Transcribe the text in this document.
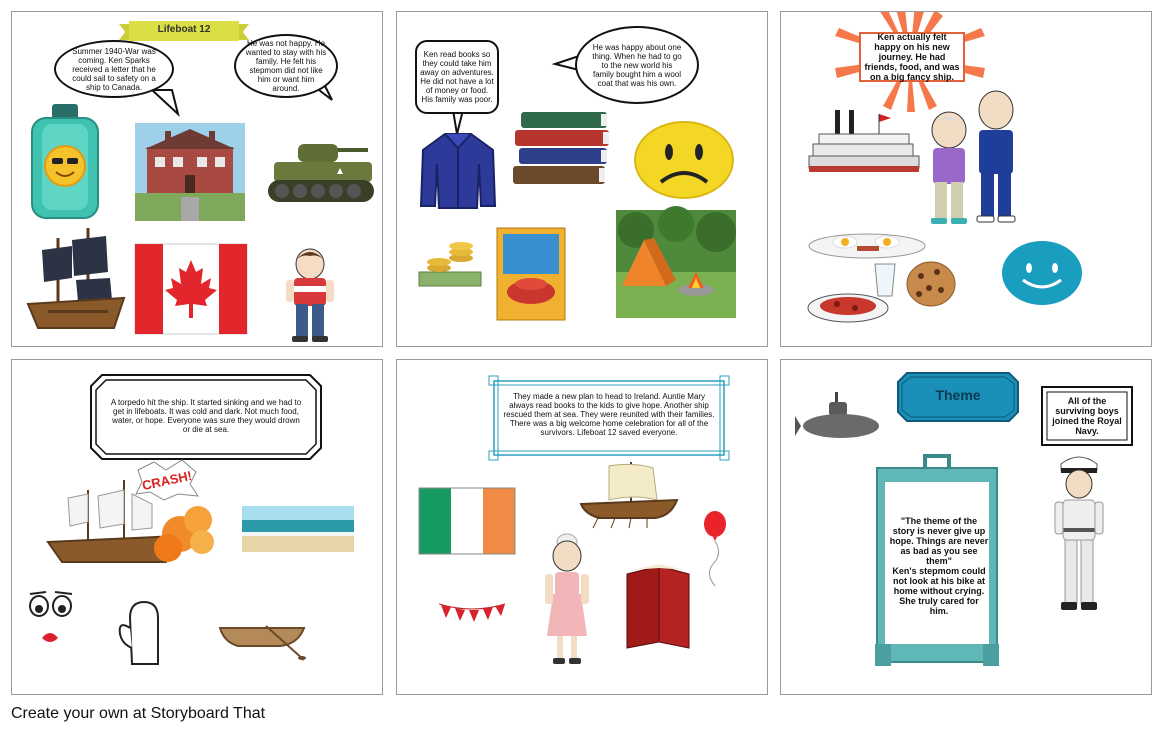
Lifeboat 12
Summer 1940-War was coming. Ken Sparks received a letter that he could sail to safety on a ship to Canada.
He was not happy. He wanted to stay with his family. He felt his stepmom did not like him or want him around.
Ken read books so they could take him away on adventures. He did not have a lot of money or food. His family was poor.
He was happy about one thing. When he had to go to the new world his family bought him a wool coat that was his own.
Ken actually felt happy on his new journey. He had friends, food, and was on a big fancy ship.
A torpedo hit the ship. It started sinking and we had to get in lifeboats. It was cold and dark. Not much food, water, or hope. Everyone was sure they would drown or die at sea.
CRASH!
They made a new plan to head to Ireland. Auntie Mary always read books to the kids to give hope. Another ship rescued them at sea. They were reunited with their families. There was a big welcome home celebration for all of the survivors. Lifeboat 12 saved everyone.
Theme	All of the surviving boys joined the Royal Navy.
"The theme of the story is never give up hope. Things are never as bad as you see them"
Ken's stepmom could not look at his bike at home without crying. She truly cared for him.
Create your own at Storyboard That
